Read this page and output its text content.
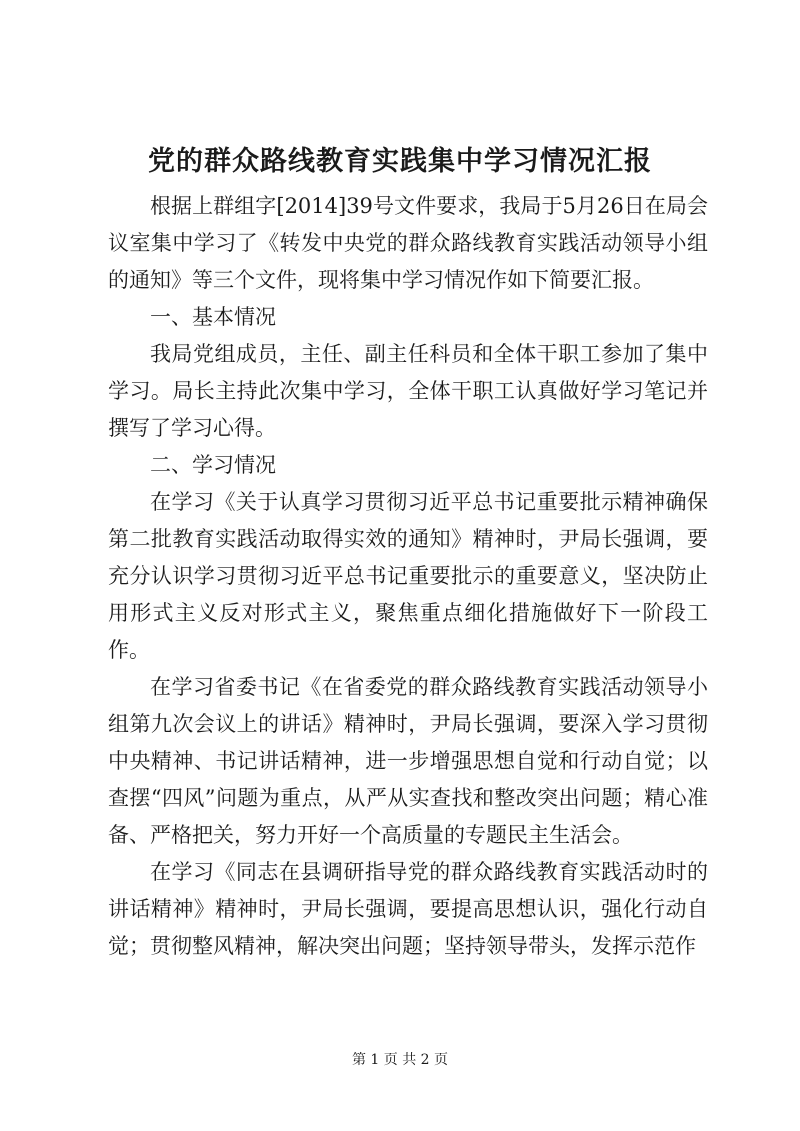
党的群众路线教育实践集中学习情况汇报

根据上群组字[2014]39号文件要求，我局于5月26日在局会议室集中学习了《转发中央党的群众路线教育实践活动领导小组的通知》等三个文件，现将集中学习情况作如下简要汇报。

一、基本情况

我局党组成员，主任、副主任科员和全体干职工参加了集中学习。局长主持此次集中学习，全体干职工认真做好学习笔记并撰写了学习心得。

二、学习情况

在学习《关于认真学习贯彻习近平总书记重要批示精神确保第二批教育实践活动取得实效的通知》精神时，尹局长强调，要充分认识学习贯彻习近平总书记重要批示的重要意义，坚决防止用形式主义反对形式主义，聚焦重点细化措施做好下一阶段工作。

在学习省委书记《在省委党的群众路线教育实践活动领导小组第九次会议上的讲话》精神时，尹局长强调，要深入学习贯彻中央精神、书记讲话精神，进一步增强思想自觉和行动自觉；以查摆“四风”问题为重点，从严从实查找和整改突出问题；精心准备、严格把关，努力开好一个高质量的专题民主生活会。

在学习《同志在县调研指导党的群众路线教育实践活动时的讲话精神》精神时，尹局长强调，要提高思想认识，强化行动自觉；贯彻整风精神，解决突出问题；坚持领导带头，发挥示范作

第 1 页 共 2 页
